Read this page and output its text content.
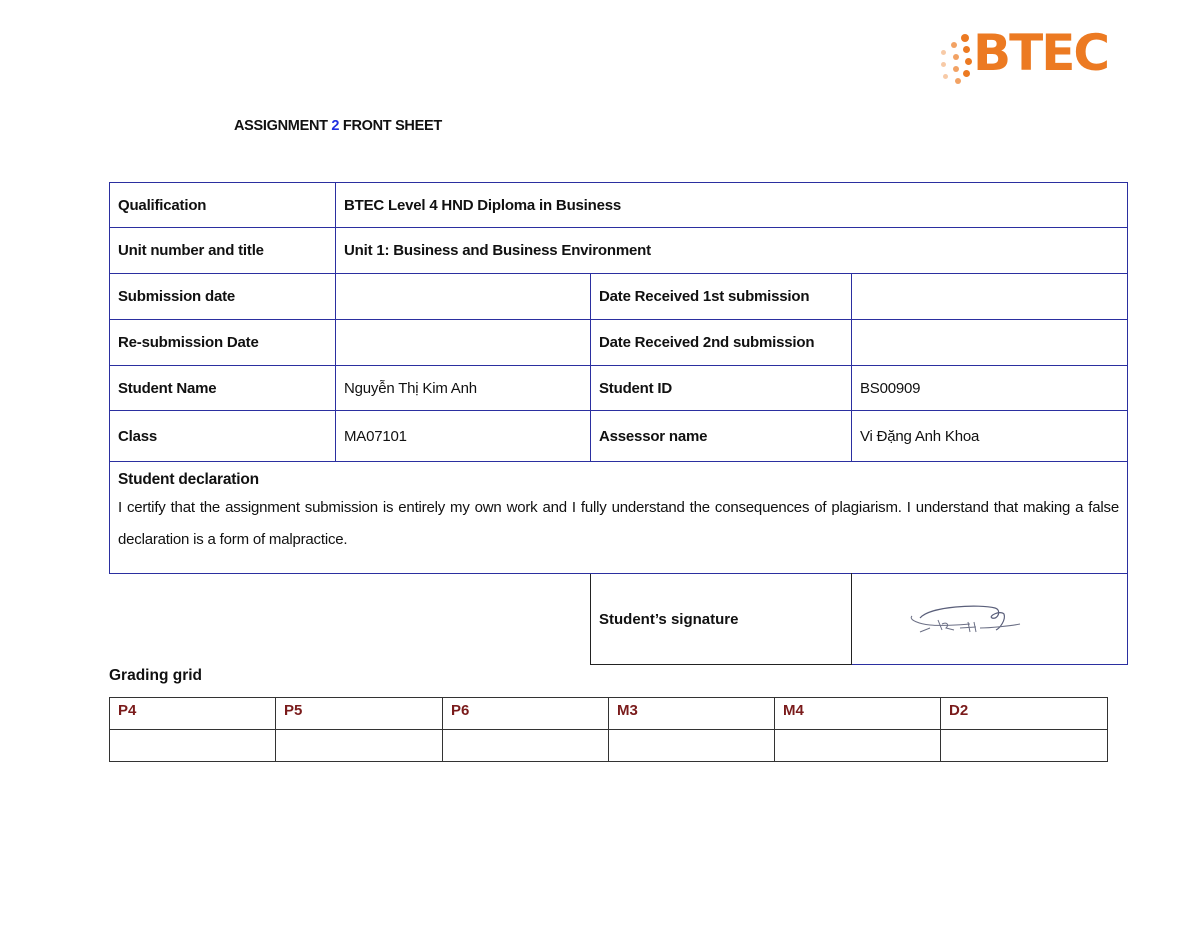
BTEC
ASSIGNMENT 2 FRONT SHEET
Qualification	BTEC Level 4 HND Diploma in Business		
Unit number and title	Unit 1: Business and Business Environment		
Submission date		Date Received 1st submission	
Re-submission Date		Date Received 2nd submission	
Student Name	Nguyễn Thị Kim Anh	Student ID	BS00909
Class	MA07101	Assessor name	Vi Đặng Anh Khoa

Student declaration
I certify that the assignment submission is entirely my own work and I fully understand the consequences of plagiarism. I understand that making a false declaration is a form of malpractice.			
Student’s signature	
Grading grid
P4	P5	P6	M3	M4	D2
